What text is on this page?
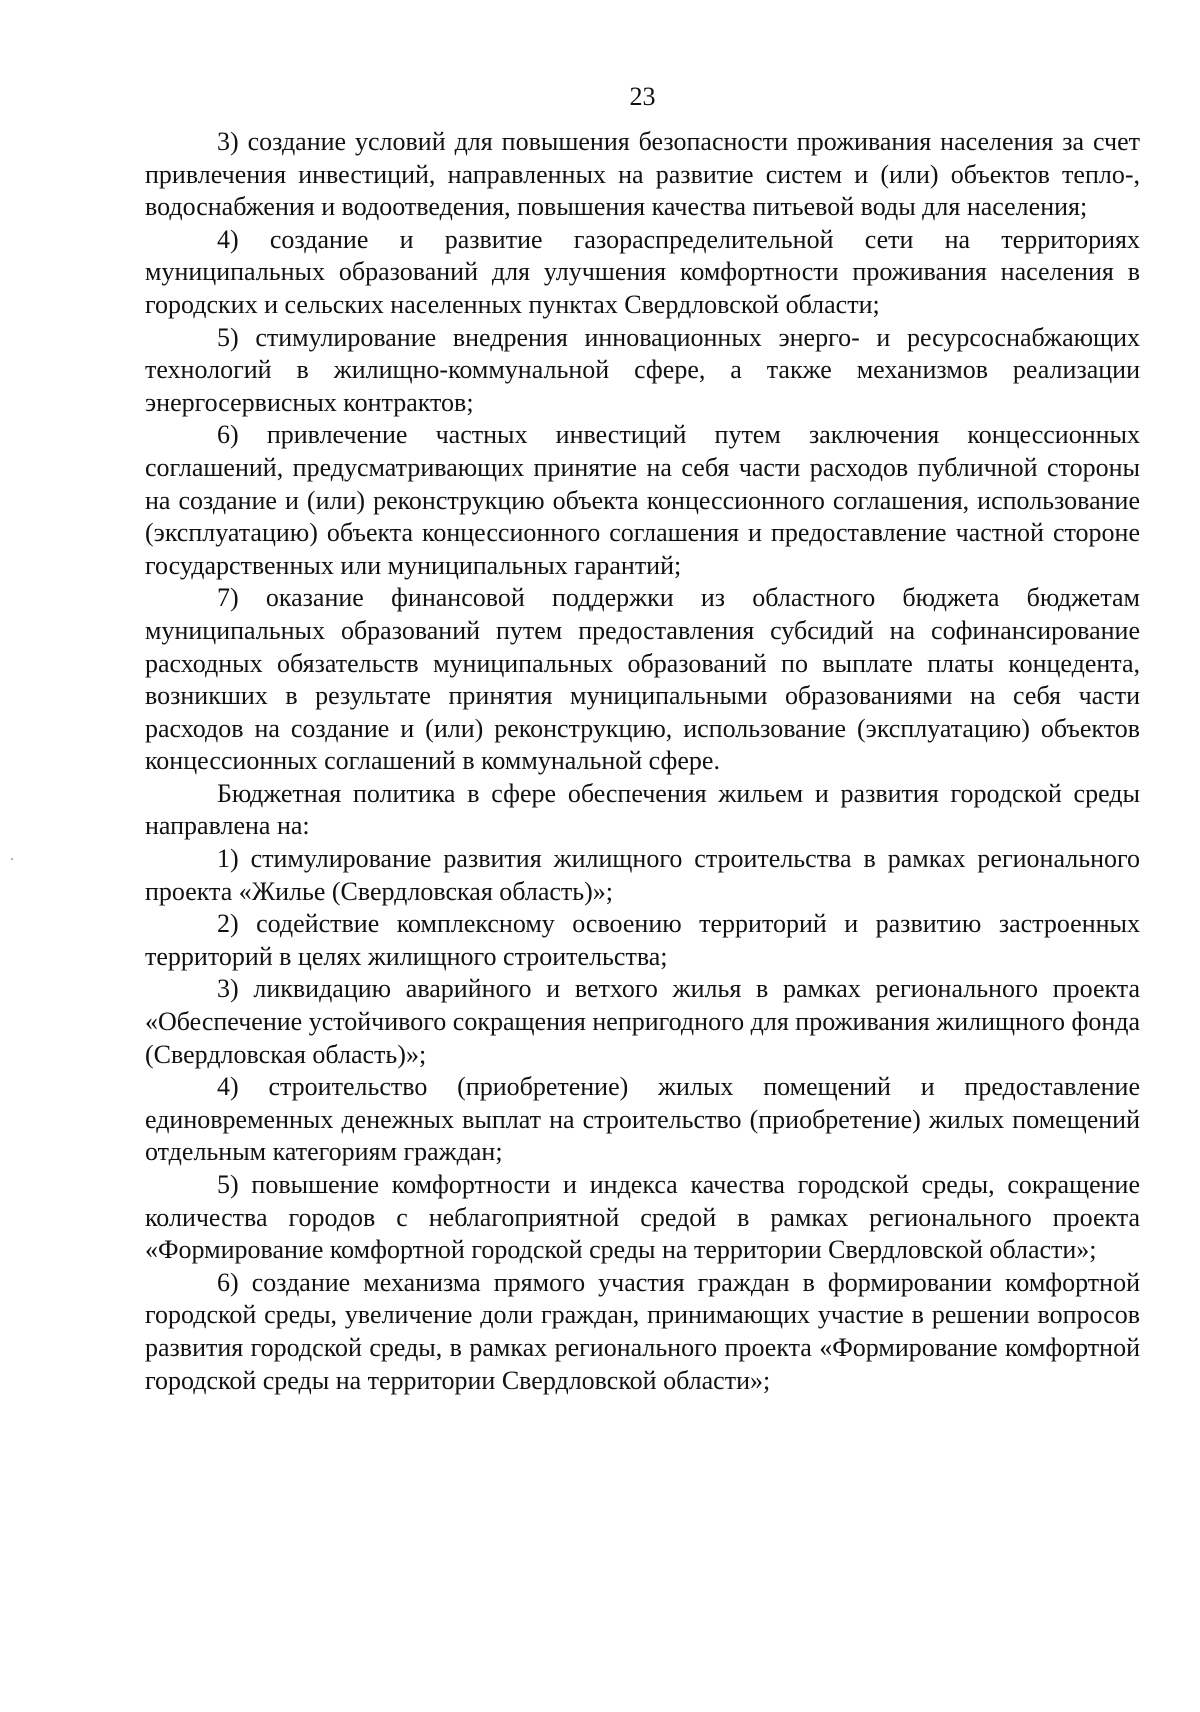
23

3) создание условий для повышения безопасности проживания населения за счет привлечения инвестиций, направленных на развитие систем и (или) объектов тепло-, водоснабжения и водоотведения, повышения качества питьевой воды для населения;

4) создание и развитие газораспределительной сети на территориях муниципальных образований для улучшения комфортности проживания населения в городских и сельских населенных пунктах Свердловской области;

5) стимулирование внедрения инновационных энерго- и ресурсоснабжающих технологий в жилищно-коммунальной сфере, а также механизмов реализации энергосервисных контрактов;

6) привлечение частных инвестиций путем заключения концессионных соглашений, предусматривающих принятие на себя части расходов публичной стороны на создание и (или) реконструкцию объекта концессионного соглашения, использование (эксплуатацию) объекта концессионного соглашения и предоставление частной стороне государственных или муниципальных гарантий;

7) оказание финансовой поддержки из областного бюджета бюджетам муниципальных образований путем предоставления субсидий на софинансирование расходных обязательств муниципальных образований по выплате платы концедента, возникших в результате принятия муниципальными образованиями на себя части расходов на создание и (или) реконструкцию, использование (эксплуатацию) объектов концессионных соглашений в коммунальной сфере.

Бюджетная политика в сфере обеспечения жильем и развития городской среды направлена на:

1) стимулирование развития жилищного строительства в рамках регионального проекта «Жилье (Свердловская область)»;

2) содействие комплексному освоению территорий и развитию застроенных территорий в целях жилищного строительства;

3) ликвидацию аварийного и ветхого жилья в рамках регионального проекта «Обеспечение устойчивого сокращения непригодного для проживания жилищного фонда (Свердловская область)»;

4) строительство (приобретение) жилых помещений и предоставление единовременных денежных выплат на строительство (приобретение) жилых помещений отдельным категориям граждан;

5) повышение комфортности и индекса качества городской среды, сокращение количества городов с неблагоприятной средой в рамках регионального проекта «Формирование комфортной городской среды на территории Свердловской области»;

6) создание механизма прямого участия граждан в формировании комфортной городской среды, увеличение доли граждан, принимающих участие в решении вопросов развития городской среды, в рамках регионального проекта «Формирование комфортной городской среды на территории Свердловской области»;
